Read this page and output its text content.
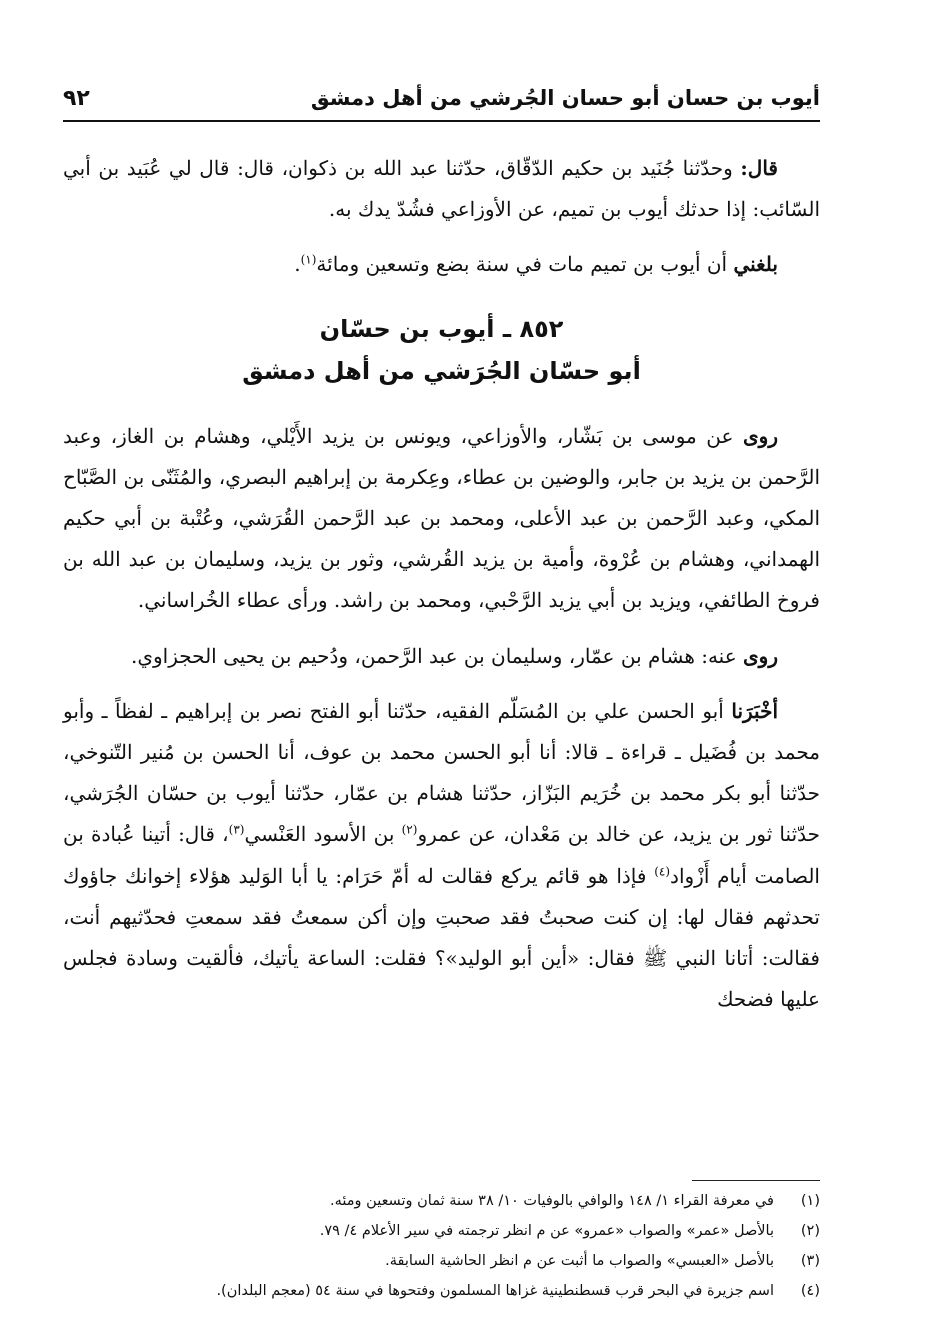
أيوب بن حسان أبو حسان الجُرشي من أهل دمشق
٩٢

قال: وحدّثنا جُنَيد بن حكيم الدّقّاق، حدّثنا عبد الله بن ذكوان، قال: قال لي عُبَيد بن أبي السّائب: إذا حدثك أيوب بن تميم، عن الأوزاعي فشُدّ يدك به.

بلغني أن أيوب بن تميم مات في سنة بضع وتسعين ومائة$^{(١)}$.

٨٥٢ ـ أيوب بن حسّان
أبو حسّان الجُرَشي من أهل دمشق

روى عن موسى بن بَشّار، والأوزاعي، ويونس بن يزيد الأَيْلي، وهشام بن الغاز، وعبد الرَّحمن بن يزيد بن جابر، والوضين بن عطاء، وعِكرمة بن إبراهيم البصري، والمُثَنّى بن الصَّبّاح المكي، وعبد الرَّحمن بن عبد الأعلى، ومحمد بن عبد الرَّحمن القُرَشي، وعُتْبة بن أبي حكيم الهمداني، وهشام بن عُرْوة، وأمية بن يزيد القُرشي، وثور بن يزيد، وسليمان بن عبد الله بن فروخ الطائفي، ويزيد بن أبي يزيد الرَّحْبي، ومحمد بن راشد. ورأى عطاء الخُراساني.

روى عنه: هشام بن عمّار، وسليمان بن عبد الرَّحمن، ودُحيم بن يحيى الحجزاوي.

أخْبَرَنا أبو الحسن علي بن المُسَلّم الفقيه، حدّثنا أبو الفتح نصر بن إبراهيم ـ لفظاً ـ وأبو محمد بن فُضَيل ـ قراءة ـ قالا: أنا أبو الحسن محمد بن عوف، أنا الحسن بن مُنير التّنوخي، حدّثنا أبو بكر محمد بن خُرَيم البَزّاز، حدّثنا هشام بن عمّار، حدّثنا أيوب بن حسّان الجُرَشي، حدّثنا ثور بن يزيد، عن خالد بن مَعْدان، عن عمرو$^{(٢)}$ بن الأسود العَنْسي$^{(٣)}$، قال: أتينا عُبادة بن الصامت أيام أَزْواد$^{(٤)}$ فإذا هو قائم يركع فقالت له أمّ حَرَام: يا أبا الوَليد هؤلاء إخوانك جاؤوك تحدثهم فقال لها: إن كنت صحبتُ فقد صحبتِ وإن أكن سمعتُ فقد سمعتِ فحدّثيهم أنت، فقالت: أتانا النبي ﷺ فقال: «أين أبو الوليد»؟ فقلت: الساعة يأتيك، فألقيت وسادة فجلس عليها فضحك

(١)في معرفة القراء ١/ ١٤٨ والوافي بالوفيات ١٠/ ٣٨ سنة ثمان وتسعين ومئه.
(٢)بالأصل «عمر» والصواب «عمرو» عن م انظر ترجمته في سير الأعلام ٤/ ٧٩.
(٣)بالأصل «العبسي» والصواب ما أثبت عن م انظر الحاشية السابقة.
(٤)اسم جزيرة في البحر قرب قسطنطينية غزاها المسلمون وفتحوها في سنة ٥٤ (معجم البلدان).
